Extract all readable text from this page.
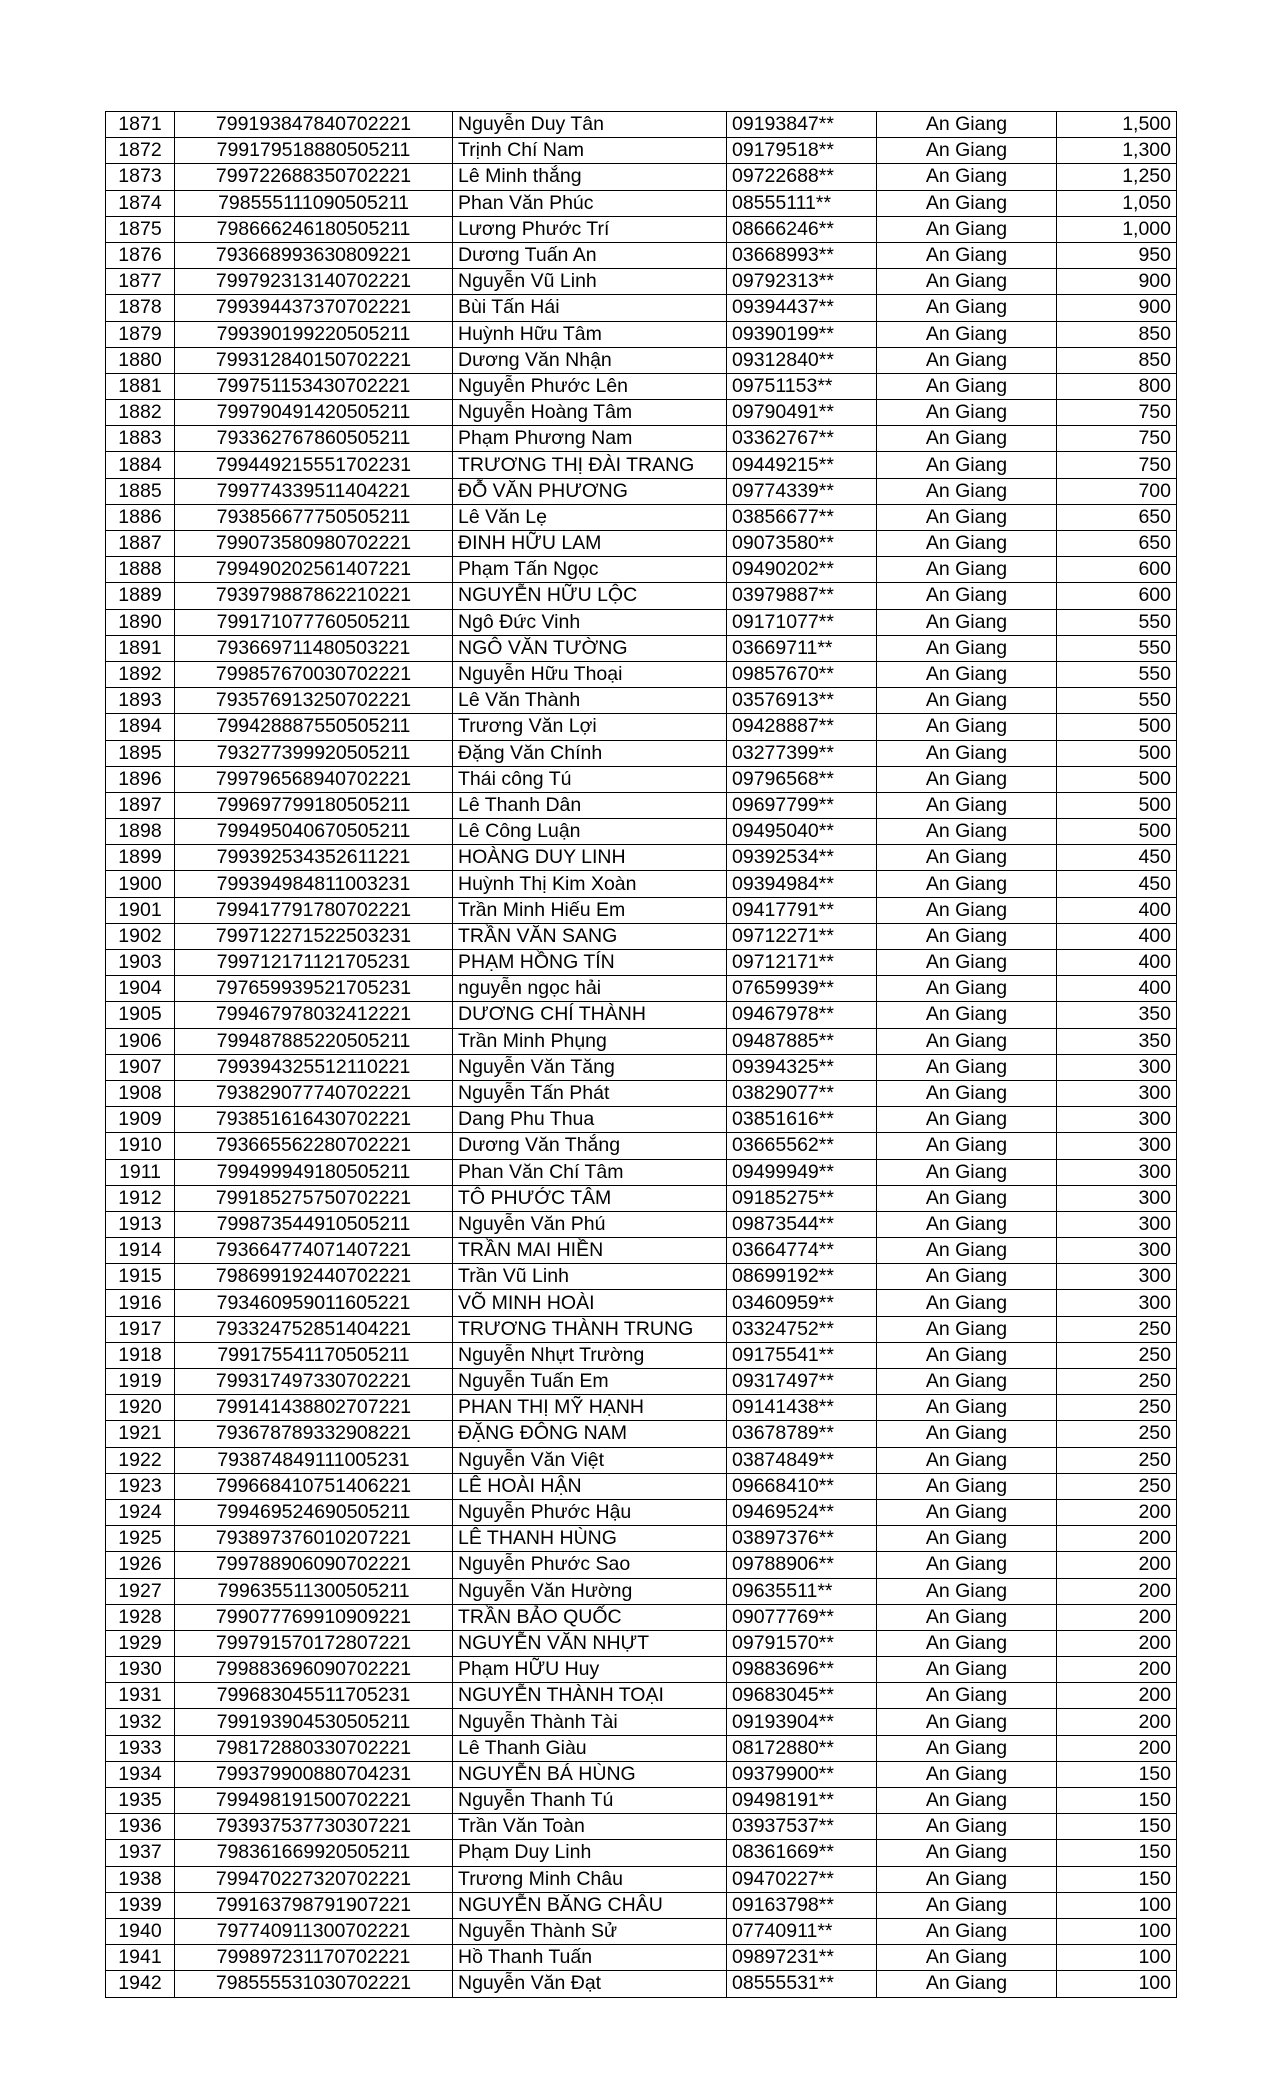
1871	799193847840702221	Nguyễn Duy Tân	09193847**	An Giang	1,500
1872	799179518880505211	Trịnh Chí Nam	09179518**	An Giang	1,300
1873	799722688350702221	Lê Minh thắng	09722688**	An Giang	1,250
1874	798555111090505211	Phan Văn Phúc	08555111**	An Giang	1,050
1875	798666246180505211	Lương Phước Trí	08666246**	An Giang	1,000
1876	793668993630809221	Dương Tuấn An	03668993**	An Giang	950
1877	799792313140702221	Nguyễn Vũ Linh	09792313**	An Giang	900
1878	799394437370702221	Bùi Tấn Hái	09394437**	An Giang	900
1879	799390199220505211	Huỳnh Hữu Tâm	09390199**	An Giang	850
1880	799312840150702221	Dương Văn Nhận	09312840**	An Giang	850
1881	799751153430702221	Nguyễn Phước Lên	09751153**	An Giang	800
1882	799790491420505211	Nguyễn Hoàng Tâm	09790491**	An Giang	750
1883	793362767860505211	Phạm Phương Nam	03362767**	An Giang	750
1884	799449215551702231	TRƯƠNG THỊ ĐÀI TRANG	09449215**	An Giang	750
1885	799774339511404221	ĐỖ VĂN PHƯƠNG	09774339**	An Giang	700
1886	793856677750505211	Lê Văn Lẹ	03856677**	An Giang	650
1887	799073580980702221	ĐINH HỮU LAM	09073580**	An Giang	650
1888	799490202561407221	Phạm Tấn Ngọc	09490202**	An Giang	600
1889	793979887862210221	NGUYỄN HỮU LỘC	03979887**	An Giang	600
1890	799171077760505211	Ngô Đức Vinh	09171077**	An Giang	550
1891	793669711480503221	NGÔ VĂN TƯỜNG	03669711**	An Giang	550
1892	799857670030702221	Nguyễn Hữu Thoại	09857670**	An Giang	550
1893	793576913250702221	Lê Văn Thành	03576913**	An Giang	550
1894	799428887550505211	Trương Văn Lợi	09428887**	An Giang	500
1895	793277399920505211	Đặng Văn Chính	03277399**	An Giang	500
1896	799796568940702221	Thái công Tú	09796568**	An Giang	500
1897	799697799180505211	Lê Thanh Dân	09697799**	An Giang	500
1898	799495040670505211	Lê Công Luận	09495040**	An Giang	500
1899	799392534352611221	HOÀNG DUY LINH	09392534**	An Giang	450
1900	799394984811003231	Huỳnh Thị Kim Xoàn	09394984**	An Giang	450
1901	799417791780702221	Trần Minh Hiếu Em	09417791**	An Giang	400
1902	799712271522503231	TRẦN VĂN SANG	09712271**	An Giang	400
1903	799712171121705231	PHẠM HỒNG TÍN	09712171**	An Giang	400
1904	797659939521705231	nguyễn ngọc hải	07659939**	An Giang	400
1905	799467978032412221	DƯƠNG CHÍ THÀNH	09467978**	An Giang	350
1906	799487885220505211	Trần Minh Phụng	09487885**	An Giang	350
1907	799394325512110221	Nguyễn Văn Tăng	09394325**	An Giang	300
1908	793829077740702221	Nguyễn Tấn Phát	03829077**	An Giang	300
1909	793851616430702221	Dang Phu Thua	03851616**	An Giang	300
1910	793665562280702221	Dương Văn Thắng	03665562**	An Giang	300
1911	799499949180505211	Phan Văn Chí Tâm	09499949**	An Giang	300
1912	799185275750702221	TÔ PHƯỚC TÂM	09185275**	An Giang	300
1913	799873544910505211	Nguyễn Văn Phú	09873544**	An Giang	300
1914	793664774071407221	TRẦN MAI HIỀN	03664774**	An Giang	300
1915	798699192440702221	Trần Vũ Linh	08699192**	An Giang	300
1916	793460959011605221	VÕ MINH HOÀI	03460959**	An Giang	300
1917	793324752851404221	TRƯƠNG THÀNH TRUNG	03324752**	An Giang	250
1918	799175541170505211	Nguyễn Nhựt Trường	09175541**	An Giang	250
1919	799317497330702221	Nguyễn Tuấn Em	09317497**	An Giang	250
1920	799141438802707221	PHAN THỊ MỸ HẠNH	09141438**	An Giang	250
1921	793678789332908221	ĐẶNG ĐÔNG NAM	03678789**	An Giang	250
1922	793874849111005231	Nguyễn Văn Việt	03874849**	An Giang	250
1923	799668410751406221	LÊ HOÀI HẬN	09668410**	An Giang	250
1924	799469524690505211	Nguyễn Phước Hậu	09469524**	An Giang	200
1925	793897376010207221	LÊ THANH HÙNG	03897376**	An Giang	200
1926	799788906090702221	Nguyễn Phước Sao	09788906**	An Giang	200
1927	799635511300505211	Nguyễn Văn Hường	09635511**	An Giang	200
1928	799077769910909221	TRẦN BẢO QUỐC	09077769**	An Giang	200
1929	799791570172807221	NGUYỄN VĂN NHỰT	09791570**	An Giang	200
1930	799883696090702221	Phạm HỮU Huy	09883696**	An Giang	200
1931	799683045511705231	NGUYỄN THÀNH TOẠI	09683045**	An Giang	200
1932	799193904530505211	Nguyễn Thành Tài	09193904**	An Giang	200
1933	798172880330702221	Lê Thanh Giàu	08172880**	An Giang	200
1934	799379900880704231	NGUYỄN BÁ HÙNG	09379900**	An Giang	150
1935	799498191500702221	Nguyễn Thanh Tú	09498191**	An Giang	150
1936	793937537730307221	Trần Văn Toàn	03937537**	An Giang	150
1937	798361669920505211	Phạm Duy Linh	08361669**	An Giang	150
1938	799470227320702221	Trương Minh Châu	09470227**	An Giang	150
1939	799163798791907221	NGUYỄN BĂNG CHÂU	09163798**	An Giang	100
1940	797740911300702221	Nguyễn Thành Sử	07740911**	An Giang	100
1941	799897231170702221	Hồ Thanh Tuấn	09897231**	An Giang	100
1942	798555531030702221	Nguyễn Văn Đạt	08555531**	An Giang	100
